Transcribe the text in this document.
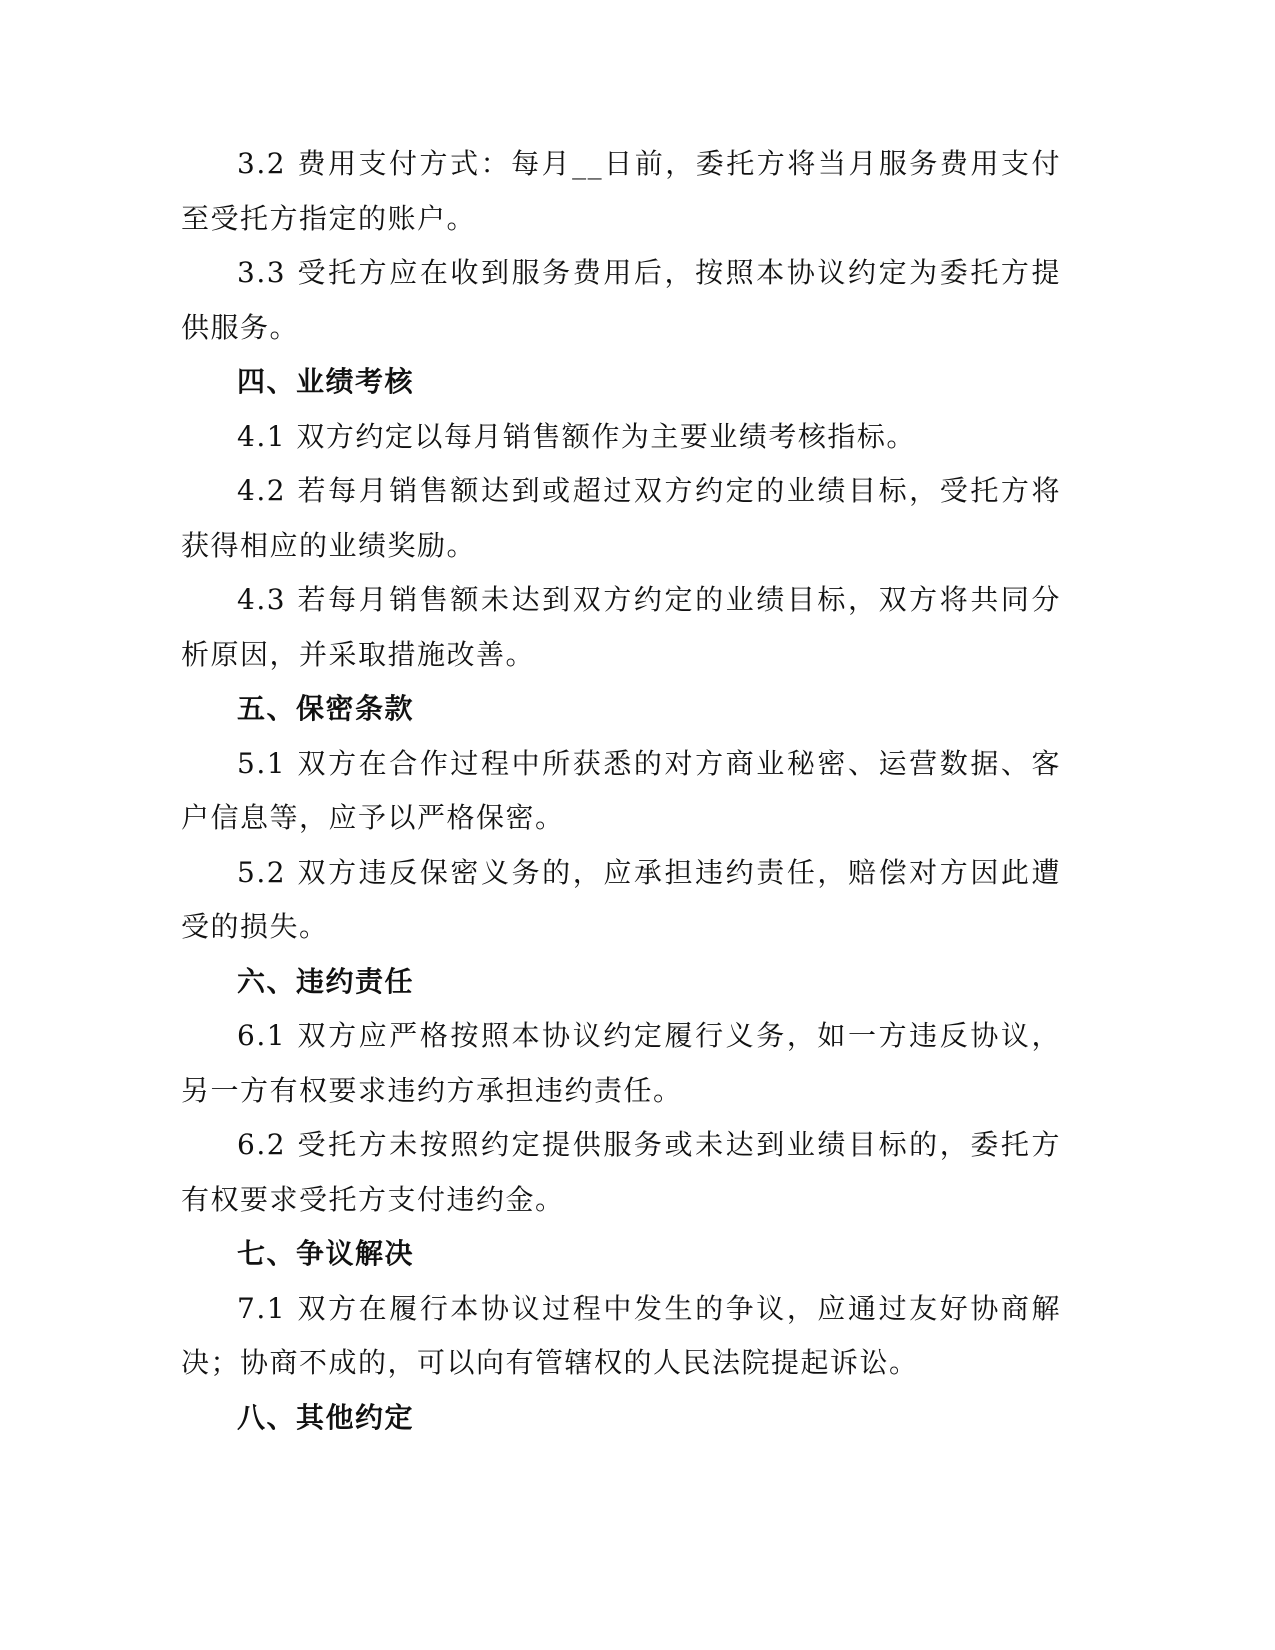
3.2 费用支付方式：每月__日前，委托方将当月服务费用支付至受托方指定的账户。

3.3 受托方应在收到服务费用后，按照本协议约定为委托方提供服务。

四、业绩考核

4.1 双方约定以每月销售额作为主要业绩考核指标。

4.2 若每月销售额达到或超过双方约定的业绩目标，受托方将获得相应的业绩奖励。

4.3 若每月销售额未达到双方约定的业绩目标，双方将共同分析原因，并采取措施改善。

五、保密条款

5.1 双方在合作过程中所获悉的对方商业秘密、运营数据、客户信息等，应予以严格保密。

5.2 双方违反保密义务的，应承担违约责任，赔偿对方因此遭受的损失。

六、违约责任

6.1 双方应严格按照本协议约定履行义务，如一方违反协议，另一方有权要求违约方承担违约责任。

6.2 受托方未按照约定提供服务或未达到业绩目标的，委托方有权要求受托方支付违约金。

七、争议解决

7.1 双方在履行本协议过程中发生的争议，应通过友好协商解决；协商不成的，可以向有管辖权的人民法院提起诉讼。

八、其他约定
